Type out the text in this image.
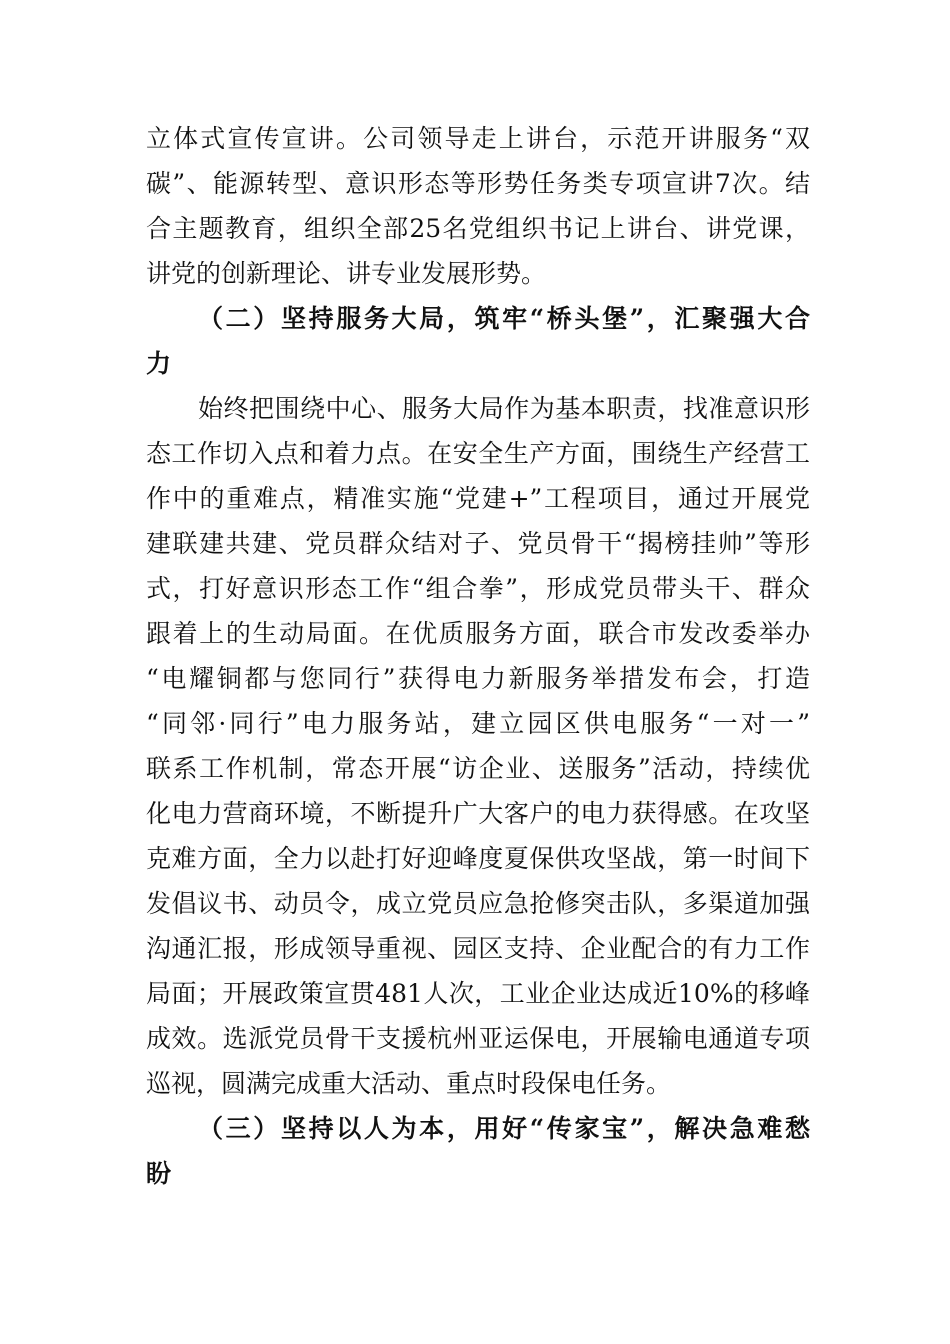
立体式宣传宣讲。公司领导走上讲台，示范开讲服务“双
碳”、能源转型、意识形态等形势任务类专项宣讲7次。结
合主题教育，组织全部25名党组织书记上讲台、讲党课，
讲党的创新理论、讲专业发展形势。
（二）坚持服务大局，筑牢“桥头堡”，汇聚强大合
力
始终把围绕中心、服务大局作为基本职责，找准意识形
态工作切入点和着力点。在安全生产方面，围绕生产经营工
作中的重难点，精准实施“党建+”工程项目，通过开展党
建联建共建、党员群众结对子、党员骨干“揭榜挂帅”等形
式，打好意识形态工作“组合拳”，形成党员带头干、群众
跟着上的生动局面。在优质服务方面，联合市发改委举办
“电耀铜都与您同行”获得电力新服务举措发布会，打造
“同邻·同行”电力服务站，建立园区供电服务“一对一”
联系工作机制，常态开展“访企业、送服务”活动，持续优
化电力营商环境，不断提升广大客户的电力获得感。在攻坚
克难方面，全力以赴打好迎峰度夏保供攻坚战，第一时间下
发倡议书、动员令，成立党员应急抢修突击队，多渠道加强
沟通汇报，形成领导重视、园区支持、企业配合的有力工作
局面；开展政策宣贯481人次，工业企业达成近10%的移峰
成效。选派党员骨干支援杭州亚运保电，开展输电通道专项
巡视，圆满完成重大活动、重点时段保电任务。
（三）坚持以人为本，用好“传家宝”，解决急难愁
盼
